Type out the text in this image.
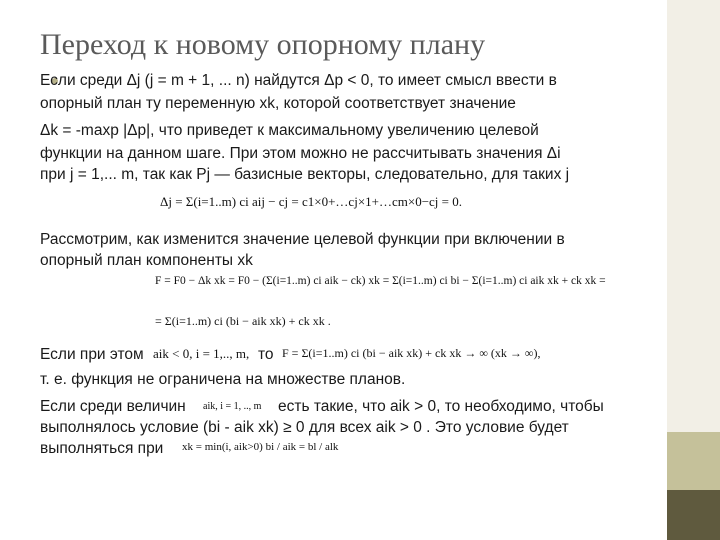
Переход к новому опорному плану
Если среди Δj (j = m + 1, ... n) найдутся Δp < 0, то имеет смысл ввести в
опорный план ту переменную xk, которой соответствует значение
Δk = -maxp |Δp|, что приведет к максимальному увеличению целевой
функции на данном шаге. При этом можно не рассчитывать значения Δi
при j = 1,... m, так как Pj — базисные векторы, следовательно, для таких j
Δj = Σ(i=1..m) ci aij − cj = c1×0+…cj×1+…cm×0−cj = 0.
Рассмотрим, как изменится значение целевой функции при включении в
опорный план компоненты xk
F = F0 − Δk xk = F0 − (Σ(i=1..m) ci aik − ck) xk = Σ(i=1..m) ci bi − Σ(i=1..m) ci aik xk + ck xk =
= Σ(i=1..m) ci (bi − aik xk) + ck xk .
Если при этом aik < 0, i = 1,.., m, то F = Σ(i=1..m) ci (bi − aik xk) + ck xk → ∞ (xk → ∞),
т. е. функция не ограничена на множестве планов.
Если среди величин aik, i = 1, .., m есть такие, что aik > 0, то необходимо, чтобы
выполнялось условие (bi - aik xk) ≥ 0 для всех aik > 0 . Это условие будет
выполняться при xk = min(i, aik>0) bi / aik = bl / alk
